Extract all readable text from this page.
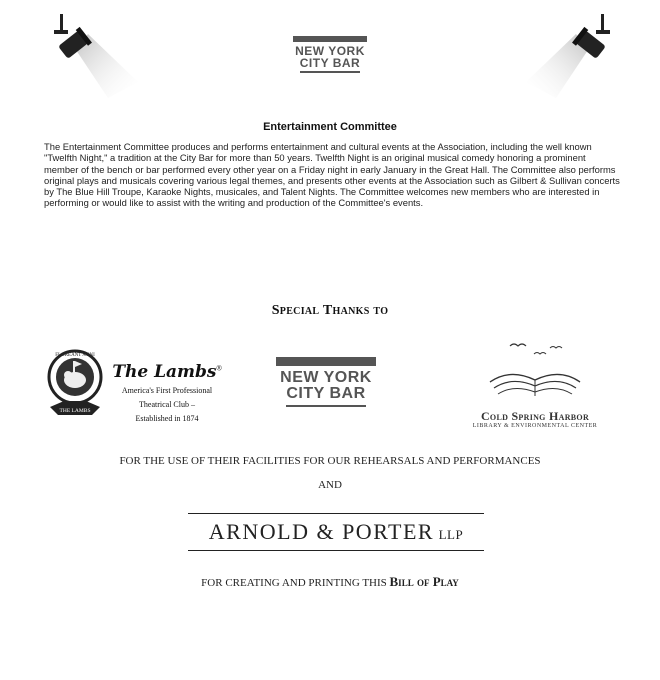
NEW YORK
CITY BAR
Entertainment Committee
The Entertainment Committee produces and performs entertainment and cultural events at the Association, including the well known "Twelfth Night," a tradition at the City Bar for more than 50 years. Twelfth Night is an original musical comedy honoring a prominent member of the bench or bar performed every other year on a Friday night in early January in the Great Hall. The Committee also performs original plays and musicals covering various legal themes, and presents other events at the Association such as Gilbert & Sullivan concerts by The Blue Hill Troupe, Karaoke Nights, musicales, and Talent Nights. The Committee welcomes new members who are interested in performing or would like to assist with the writing and production of the Committee's events.
Special Thanks to
THE LAMBS
FLOREANT AGNI
The Lambs®
America's First Professional
Theatrical Club –
Established in 1874
NEW YORK
CITY BAR
Cold Spring Harbor
LIBRARY & ENVIRONMENTAL CENTER
FOR THE USE OF THEIR FACILITIES FOR OUR REHEARSALS AND PERFORMANCES
AND
ARNOLD & PORTER LLP
FOR CREATING AND PRINTING THIS Bill of Play
